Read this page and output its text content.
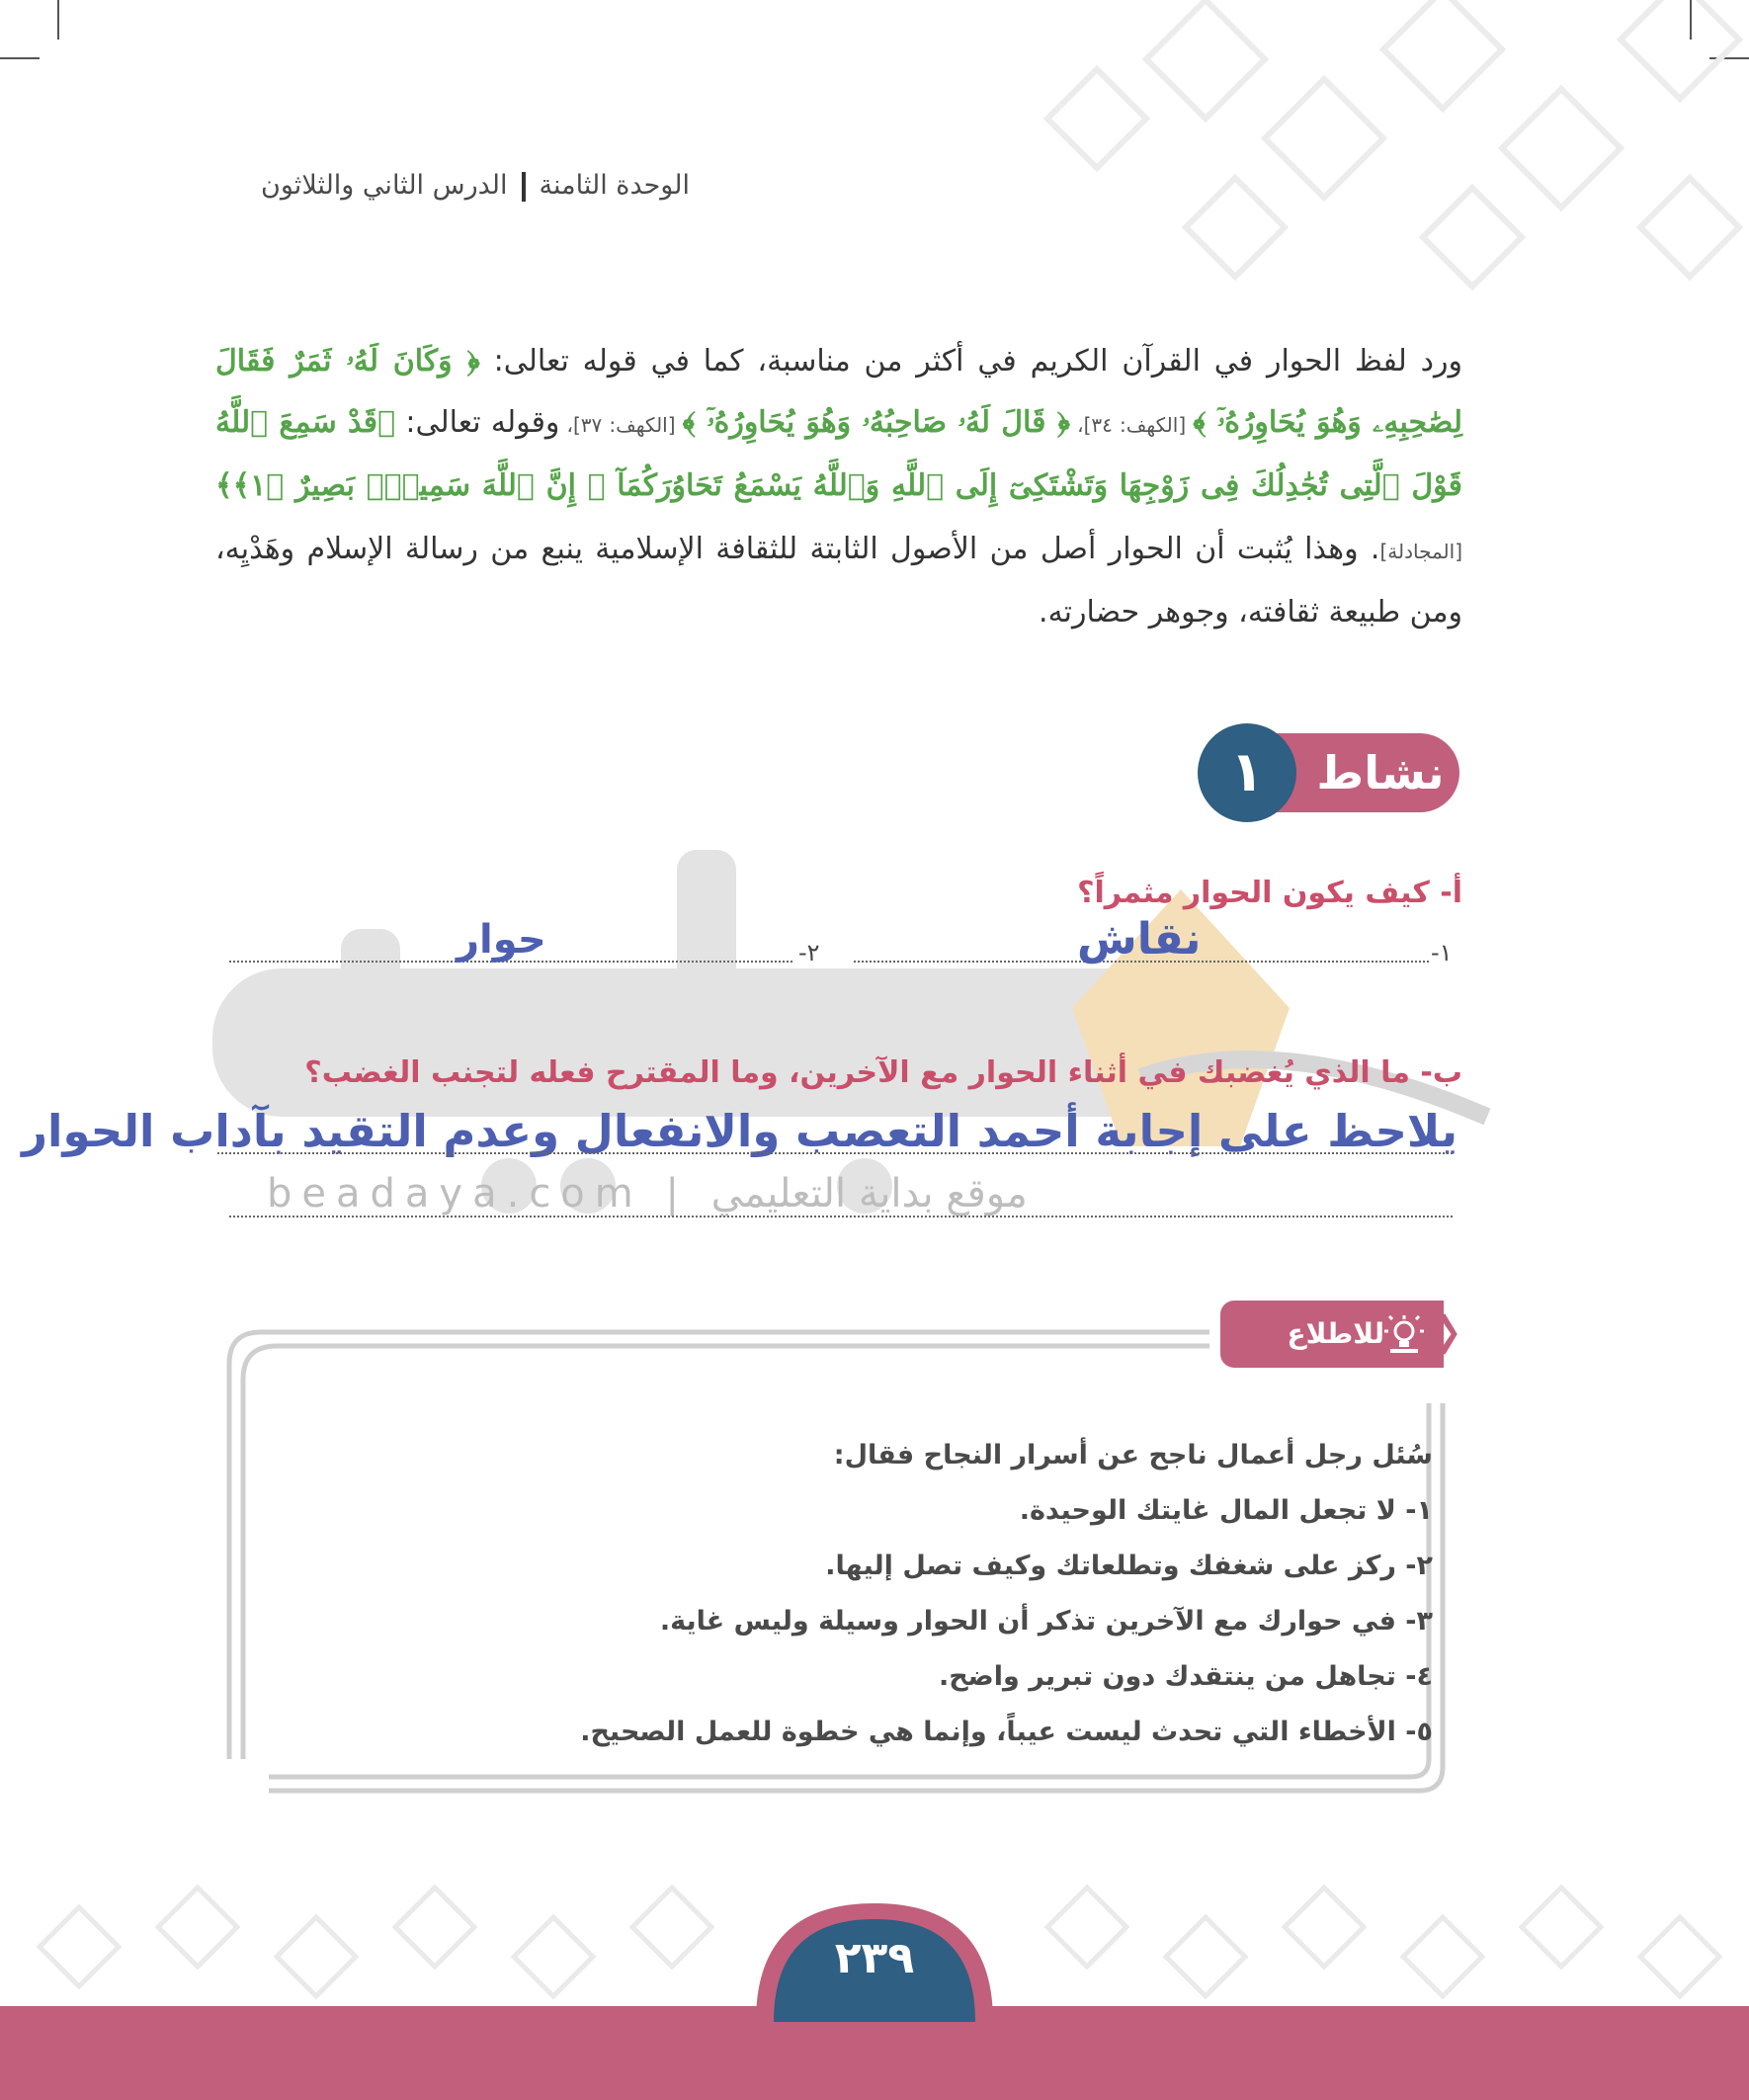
الوحدة الثامنةالدرس الثاني والثلاثون
ورد لفظ الحوار في القرآن الكريم في أكثر من مناسبة، كما في قوله تعالى: ﴿ وَكَانَ لَهُۥ ثَمَرٌ فَقَالَ لِصَٰحِبِهِۦ وَهُوَ يُحَاوِرُهُۥٓ ﴾ [الكهف: ٣٤]، ﴿ قَالَ لَهُۥ صَاحِبُهُۥ وَهُوَ يُحَاوِرُهُۥٓ ﴾ [الكهف: ٣٧]، وقوله تعالى: ﴿قَدْ سَمِعَ ٱللَّهُ قَوْلَ ٱلَّتِى تُجَٰدِلُكَ فِى زَوْجِهَا وَتَشْتَكِىٓ إِلَى ٱللَّهِ وَٱللَّهُ يَسْمَعُ تَحَاوُرَكُمَآ ۚ إِنَّ ٱللَّهَ سَمِيعٌۢ بَصِيرٌ ﴿١﴾﴾ [المجادلة]. وهذا يُثبت أن الحوار أصل من الأصول الثابتة للثقافة الإسلامية ينبع من رسالة الإسلام وهَدْيِه، ومن طبيعة ثقافته، وجوهر حضارته.
نشاط
١
beadaya.com | موقع بداية التعليمي
أ- كيف يكون الحوار مثمراً؟
١-
٢-	نقاش
حوار
ب- ما الذي يُغضبك في أثناء الحوار مع الآخرين، وما المقترح فعله لتجنب الغضب؟
يلاحظ على إجابة أحمد التعصب والانفعال وعدم التقيد بآداب الحوار
للاطلاع
سُئل رجل أعمال ناجح عن أسرار النجاح فقال:
١- لا تجعل المال غايتك الوحيدة.
٢- ركز على شغفك وتطلعاتك وكيف تصل إليها.
٣- في حوارك مع الآخرين تذكر أن الحوار وسيلة وليس غاية.
٤- تجاهل من ينتقدك دون تبرير واضح.
٥- الأخطاء التي تحدث ليست عيباً، وإنما هي خطوة للعمل الصحيح.
٢٣٩
